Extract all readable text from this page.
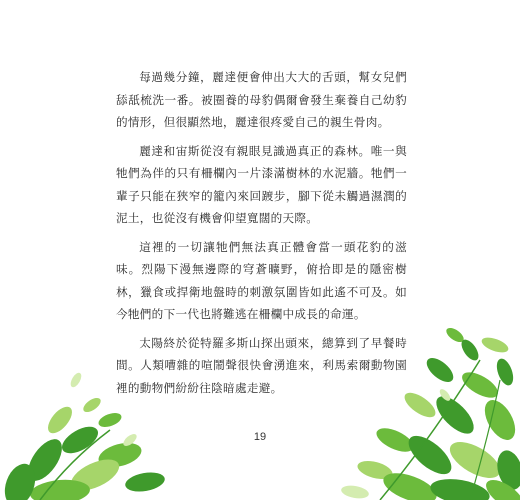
每過幾分鐘，麗達便會伸出大大的舌頭，幫女兒們舔舐梳洗一番。被圈養的母豹偶爾會發生棄養自己幼豹的情形，但很顯然地，麗達很疼愛自己的親生骨肉。

麗達和宙斯從沒有親眼見識過真正的森林。唯一與牠們為伴的只有柵欄內一片漆滿樹林的水泥牆。牠們一輩子只能在狹窄的籠內來回踱步，腳下從未觸過濕潤的泥土，也從沒有機會仰望寬闊的天際。

這裡的一切讓牠們無法真正體會當一頭花豹的滋味。烈陽下漫無邊際的穹蒼曠野，俯拾即是的隱密樹林，獵食或捍衛地盤時的刺激氛圍皆如此遙不可及。如今牠們的下一代也將難逃在柵欄中成長的命運。

太陽終於從特羅多斯山探出頭來，總算到了早餐時間。人類嘈雜的喧鬧聲很快會湧進來，利馬索爾動物園裡的動物們紛紛往陰暗處走避。

19
